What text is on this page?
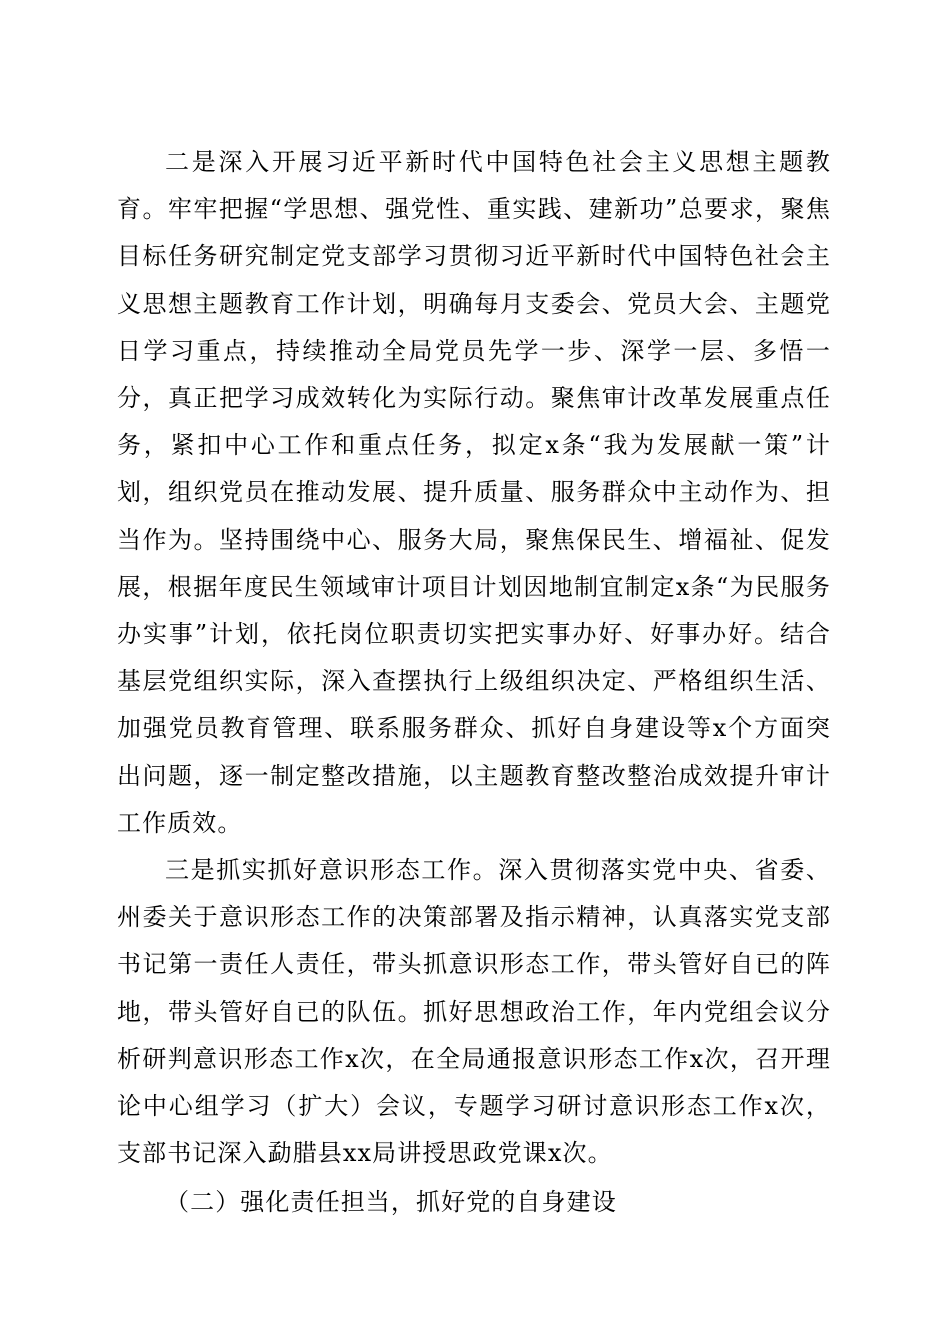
二是深入开展习近平新时代中国特色社会主义思想主题教育。牢牢把握“学思想、强党性、重实践、建新功”总要求，聚焦目标任务研究制定党支部学习贯彻习近平新时代中国特色社会主义思想主题教育工作计划，明确每月支委会、党员大会、主题党日学习重点，持续推动全局党员先学一步、深学一层、多悟一分，真正把学习成效转化为实际行动。聚焦审计改革发展重点任务，紧扣中心工作和重点任务，拟定x条“我为发展献一策”计划，组织党员在推动发展、提升质量、服务群众中主动作为、担当作为。坚持围绕中心、服务大局，聚焦保民生、增福祉、促发展，根据年度民生领域审计项目计划因地制宜制定x条“为民服务办实事”计划，依托岗位职责切实把实事办好、好事办好。结合基层党组织实际，深入查摆执行上级组织决定、严格组织生活、加强党员教育管理、联系服务群众、抓好自身建设等x个方面突出问题，逐一制定整改措施，以主题教育整改整治成效提升审计工作质效。

三是抓实抓好意识形态工作。深入贯彻落实党中央、省委、州委关于意识形态工作的决策部署及指示精神，认真落实党支部书记第一责任人责任，带头抓意识形态工作，带头管好自已的阵地，带头管好自已的队伍。抓好思想政治工作，年内党组会议分析研判意识形态工作x次，在全局通报意识形态工作x次，召开理论中心组学习（扩大）会议，专题学习研讨意识形态工作x次，支部书记深入勐腊县xx局讲授思政党课x次。

（二）强化责任担当，抓好党的自身建设
